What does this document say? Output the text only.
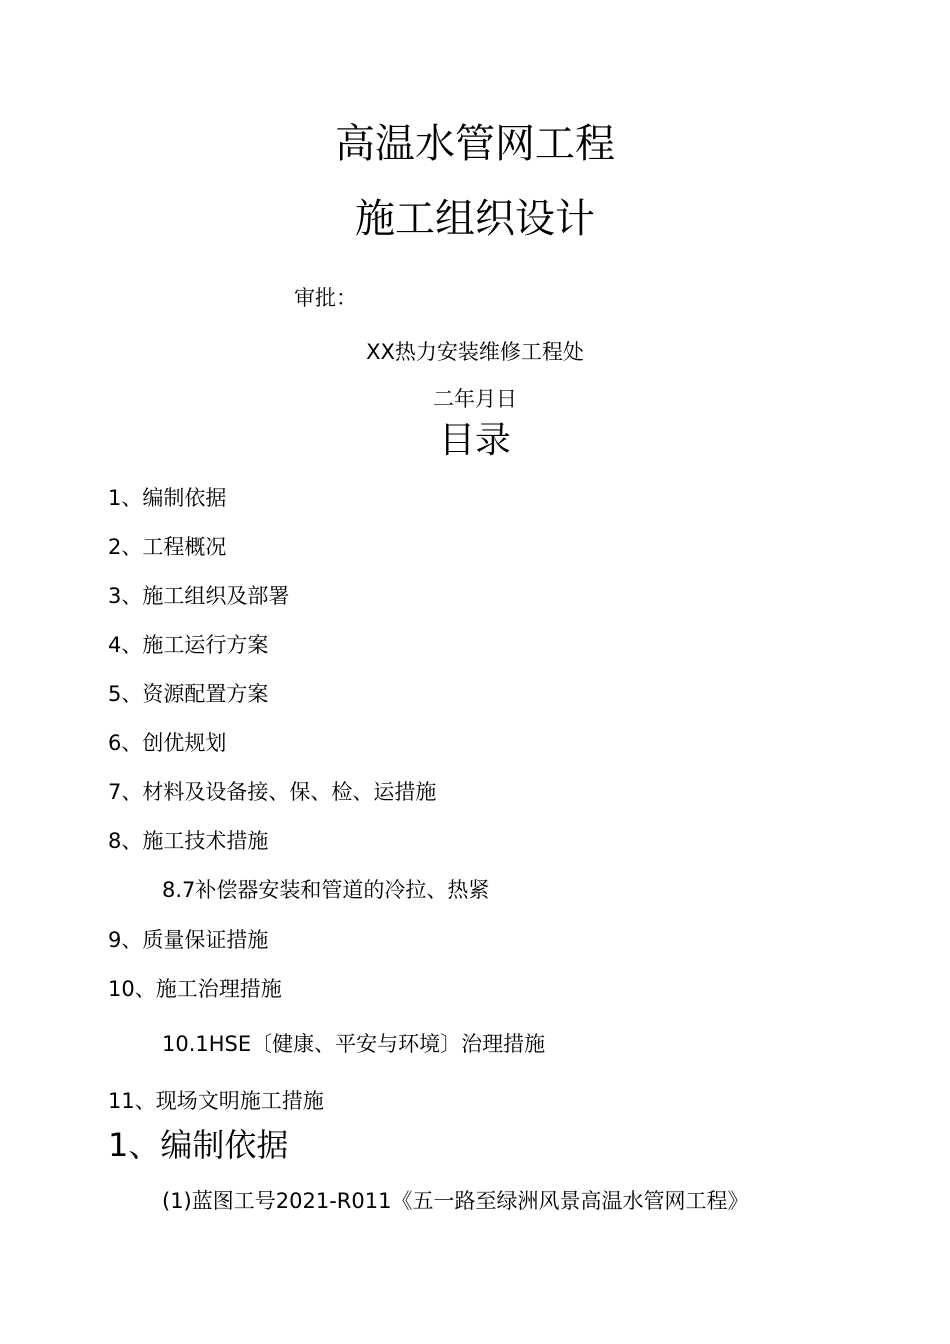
高温水管网工程
施工组织设计
审批：
XX热力安装维修工程处
二年月日
目录
1、编制依据
2、工程概况
3、施工组织及部署
4、施工运行方案
5、资源配置方案
6、创优规划
7、材料及设备接、保、检、运措施
8、施工技术措施
8.7补偿器安装和管道的冷拉、热紧
9、质量保证措施
10、施工治理措施
10.1HSE〔健康、平安与环境〕治理措施
11、现场文明施工措施
1、编制依据
(1)蓝图工号2021-R011《五一路至绿洲风景高温水管网工程》
